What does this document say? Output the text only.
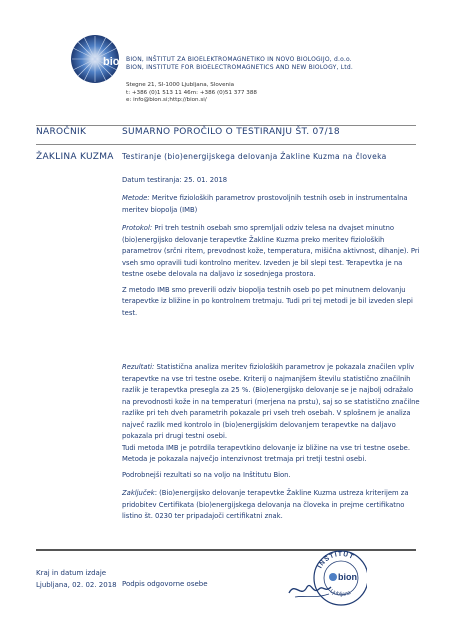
bion BION, INŠTITUT ZA BIOELEKTROMAGNETIKO IN NOVO BIOLOGIJO, d.o.o.
BION, INSTITUTE FOR BIOELECTROMAGNETICS AND NEW BIOLOGY, Ltd.
Stegne 21, SI-1000 Ljubljana, Slovenia
t: +386 (0)1 513 11 46m: +386 (0)51 377 388
e: info@bion.si;http://bion.si/
NAROČNIK	SUMARNO POROČILO O TESTIRANJU ŠT. 07/18
ŽAKLINA KUZMA Testiranje (bio)energijskega delovanja Žakline Kuzma na človeka
Datum testiranja: 25. 01. 2018

Metode: Meritve fizioloških parametrov prostovoljnih testnih oseb in instrumentalna meritev biopolja (IMB)

Protokol: Pri treh testnih osebah smo spremljali odziv telesa na dvajset minutno (bio)energijsko delovanje terapevtke Žakline Kuzma preko meritev fizioloških parametrov (srčni ritem, prevodnost kože, temperatura, mišična aktivnost, dihanje). Pri vseh smo opravili tudi kontrolno meritev. Izveden je bil slepi test. Terapevtka je na testne osebe delovala na daljavo iz sosednjega prostora.

Z metodo IMB smo preverili odziv biopolja testnih oseb po pet minutnem delovanju terapevtke iz bližine in po kontrolnem tretmaju. Tudi pri tej metodi je bil izveden slepi test.

Rezultati: Statistična analiza meritev fizioloških parametrov je pokazala značilen vpliv terapevtke na vse tri testne osebe. Kriterij o najmanjšem številu statistično značilnih razlik je terapevtka presegla za 25 %. (Bio)energijsko delovanje se je najbolj odražalo na prevodnosti kože in na temperaturi (merjena na prstu), saj so se statistično značilne razlike pri teh dveh parametrih pokazale pri vseh treh osebah. V splošnem je analiza največ razlik med kontrolo in (bio)energijskim delovanjem terapevtke na daljavo pokazala pri drugi testni osebi.

Tudi metoda IMB je potrdila terapevtkino delovanje iz bližine na vse tri testne osebe. Metoda je pokazala največjo intenzivnost tretmaja pri tretji testni osebi.

Podrobnejši rezultati so na voljo na Inštitutu Bion.

Zaključek: (Bio)energijsko delovanje terapevtke Žakline Kuzma ustreza kriterijem za pridobitev Certifikata (bio)energijskega delovanja na človeka in prejme certifikatno listino št. 0230 ter pripadajoči certifikatni znak.

Kraj in datum izdaje
Ljubljana, 02. 02. 2018 Podpis odgovorne osebe
INŠTITUT
Ljubljana
bion
